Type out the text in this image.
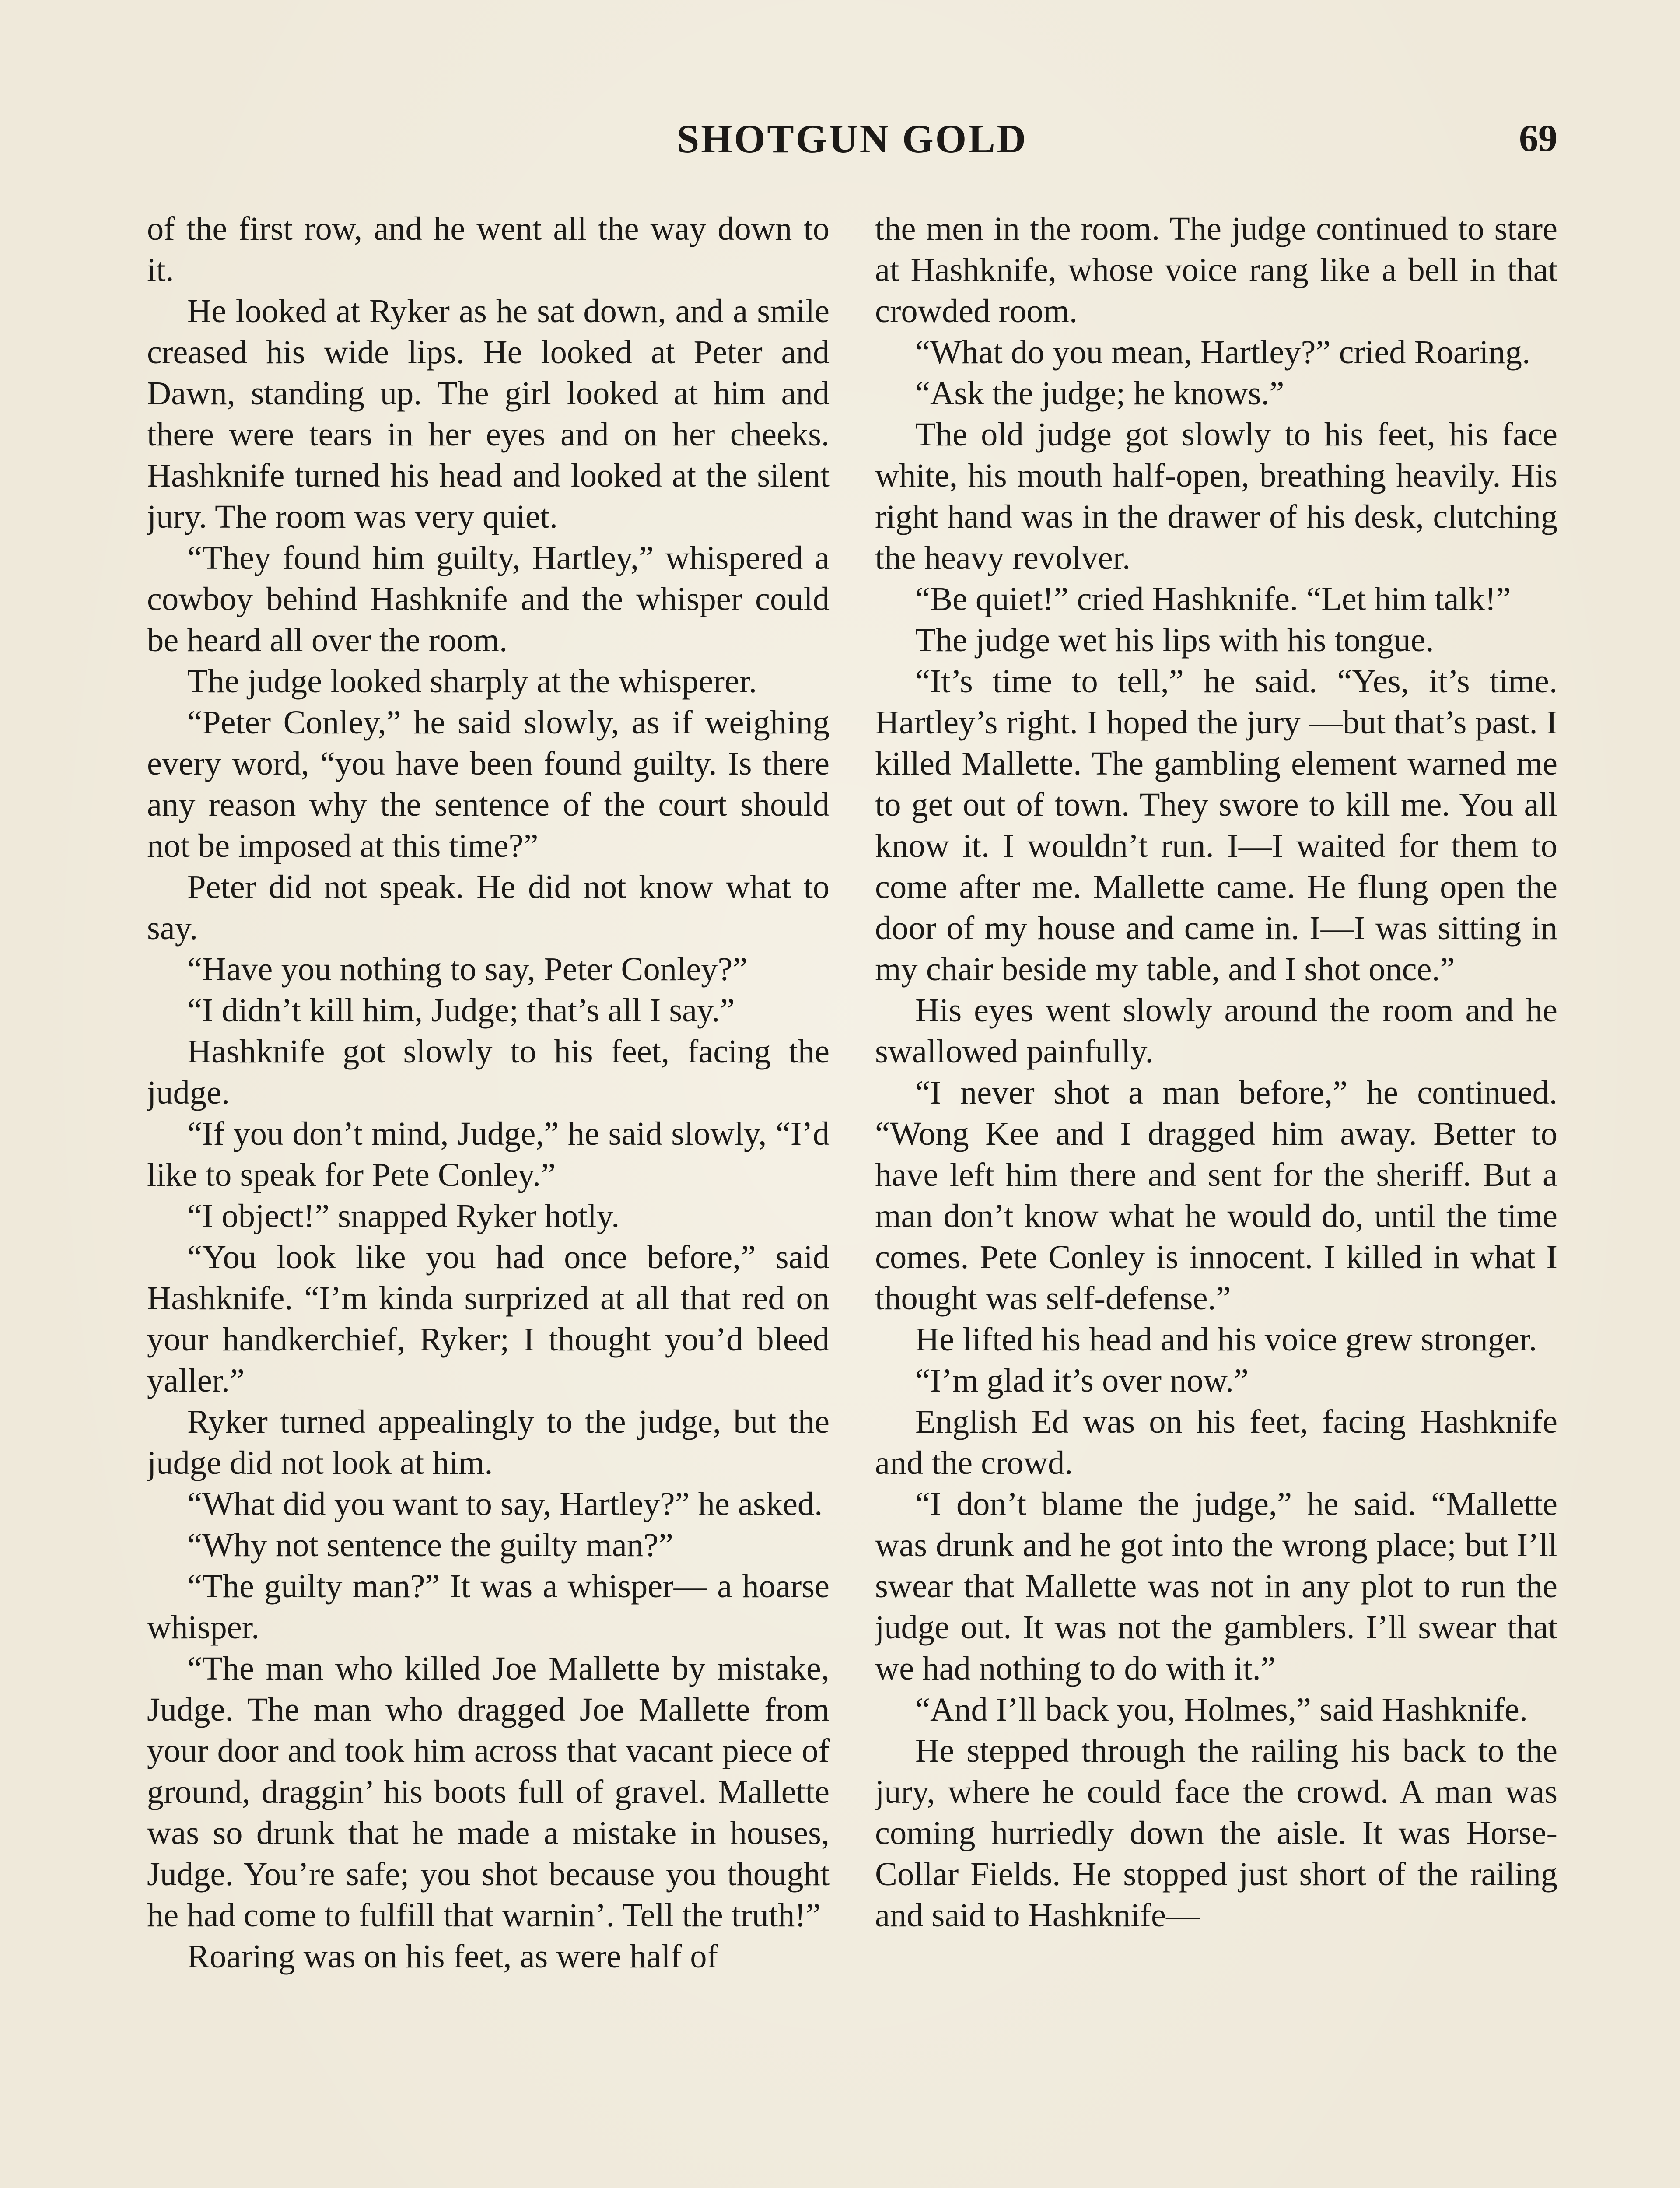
SHOTGUN GOLD	69

of the first row, and he went all the way down to it.

He looked at Ryker as he sat down, and a smile creased his wide lips. He looked at Peter and Dawn, standing up. The girl looked at him and there were tears in her eyes and on her cheeks. Hashknife turned his head and looked at the silent jury. The room was very quiet.

“They found him guilty, Hartley,” whispered a cowboy behind Hashknife and the whisper could be heard all over the room.

The judge looked sharply at the whisperer.

“Peter Conley,” he said slowly, as if weighing every word, “you have been found guilty. Is there any reason why the sentence of the court should not be imposed at this time?”

Peter did not speak. He did not know what to say.

“Have you nothing to say, Peter Conley?”

“I didn’t kill him, Judge; that’s all I say.”

Hashknife got slowly to his feet, facing the judge.

“If you don’t mind, Judge,” he said slowly, “I’d like to speak for Pete Conley.”

“I object!” snapped Ryker hotly.

“You look like you had once before,” said Hashknife. “I’m kinda surprized at all that red on your handkerchief, Ryker; I thought you’d bleed yaller.”

Ryker turned appealingly to the judge, but the judge did not look at him.

“What did you want to say, Hartley?” he asked.

“Why not sentence the guilty man?”

“The guilty man?” It was a whisper— a hoarse whisper.

“The man who killed Joe Mallette by mistake, Judge. The man who dragged Joe Mallette from your door and took him across that vacant piece of ground, draggin’ his boots full of gravel. Mallette was so drunk that he made a mistake in houses, Judge. You’re safe; you shot because you thought he had come to fulfill that warnin’. Tell the truth!”

Roaring was on his feet, as were half of

the men in the room. The judge continued to stare at Hashknife, whose voice rang like a bell in that crowded room.

“What do you mean, Hartley?” cried Roaring.

“Ask the judge; he knows.”

The old judge got slowly to his feet, his face white, his mouth half-open, breathing heavily. His right hand was in the drawer of his desk, clutching the heavy revolver.

“Be quiet!” cried Hashknife. “Let him talk!”

The judge wet his lips with his tongue.

“It’s time to tell,” he said. “Yes, it’s time. Hartley’s right. I hoped the jury —but that’s past. I killed Mallette. The gambling element warned me to get out of town. They swore to kill me. You all know it. I wouldn’t run. I—I waited for them to come after me. Mallette came. He flung open the door of my house and came in. I—I was sitting in my chair beside my table, and I shot once.”

His eyes went slowly around the room and he swallowed painfully.

“I never shot a man before,” he continued. “Wong Kee and I dragged him away. Better to have left him there and sent for the sheriff. But a man don’t know what he would do, until the time comes. Pete Conley is innocent. I killed in what I thought was self-defense.”

He lifted his head and his voice grew stronger.

“I’m glad it’s over now.”

English Ed was on his feet, facing Hashknife and the crowd.

“I don’t blame the judge,” he said. “Mallette was drunk and he got into the wrong place; but I’ll swear that Mallette was not in any plot to run the judge out. It was not the gamblers. I’ll swear that we had nothing to do with it.”

“And I’ll back you, Holmes,” said Hashknife.

He stepped through the railing his back to the jury, where he could face the crowd. A man was coming hurriedly down the aisle. It was Horse-Collar Fields. He stopped just short of the railing and said to Hashknife—
